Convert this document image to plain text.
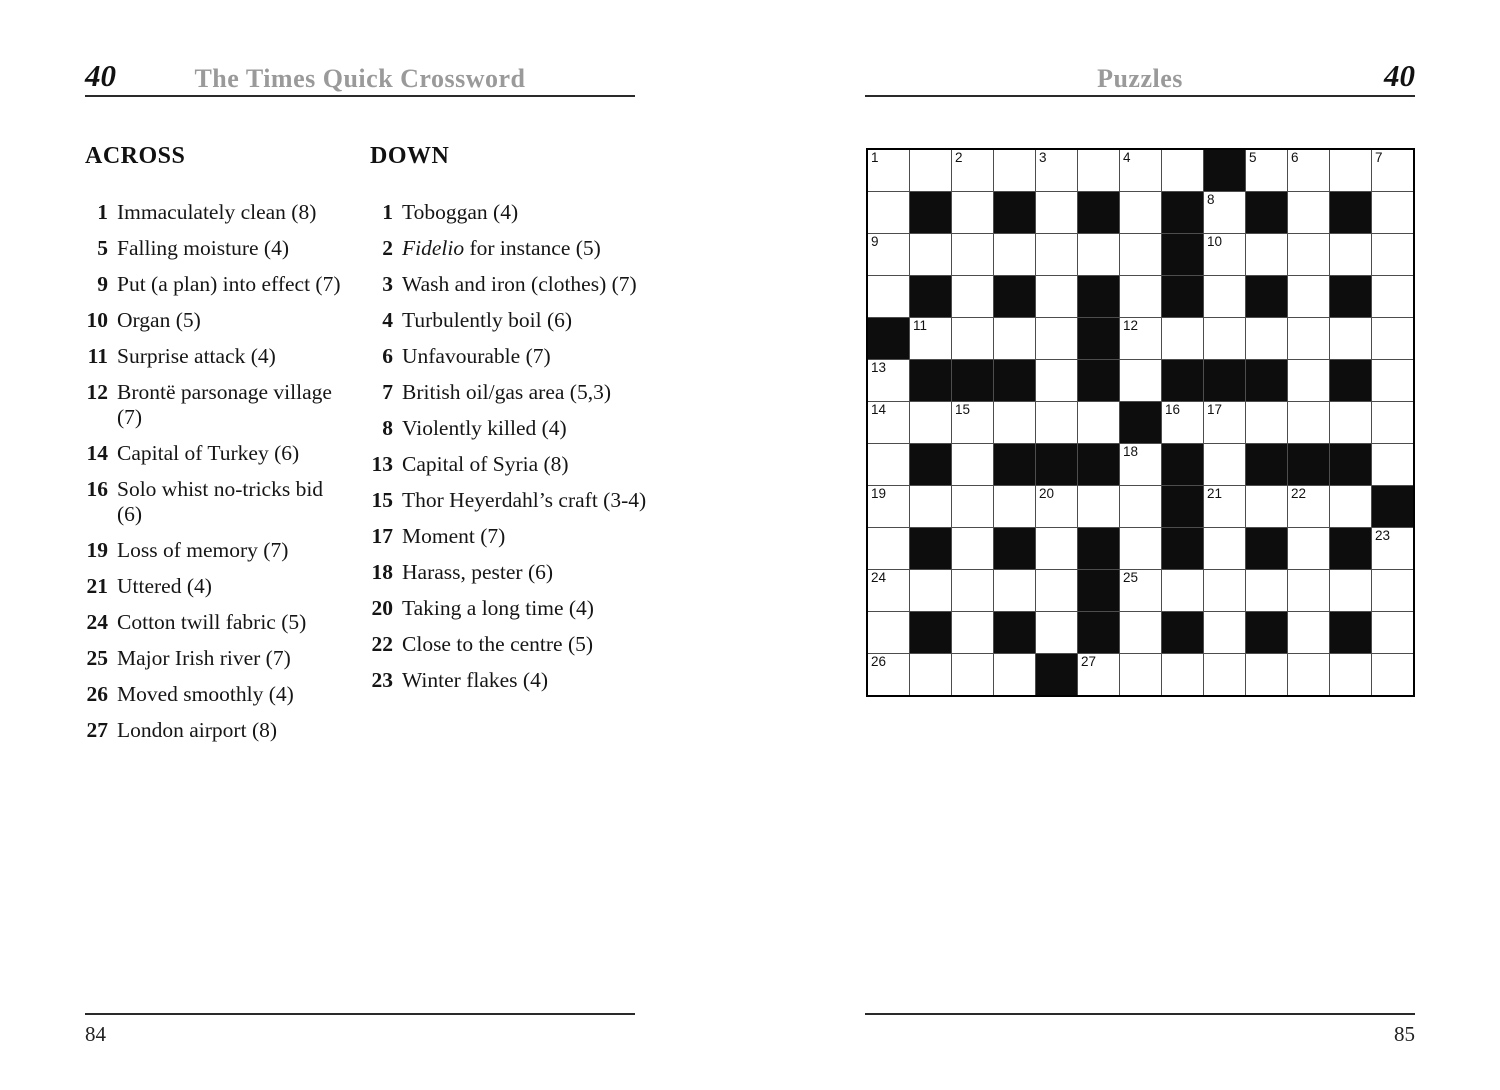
40	The Times Quick Crossword
ACROSS
1 Immaculately clean (8)
5 Falling moisture (4)
9 Put (a plan) into effect (7)
10 Organ (5)
11 Surprise attack (4)
12 Brontë parsonage village (7)
14 Capital of Turkey (6)
16 Solo whist no-tricks bid (6)
19 Loss of memory (7)
21 Uttered (4)
24 Cotton twill fabric (5)
25 Major Irish river (7)
26 Moved smoothly (4)
27 London airport (8)
DOWN
1 Toboggan (4)
2 Fidelio for instance (5)
3 Wash and iron (clothes) (7)
4 Turbulently boil (6)
6 Unfavourable (7)
7 British oil/gas area (5,3)
8 Violently killed (4)
13 Capital of Syria (8)
15 Thor Heyerdahl’s craft (3-4)
17 Moment (7)
18 Harass, pester (6)
20 Taking a long time (4)
22 Close to the centre (5)
23 Winter flakes (4)
84
Puzzles	40
1	2	3	4	5	6	7
8
9	10
11	12
13
14	15	16 17
18
19	20	21	22
23
24	25
26	27
85
